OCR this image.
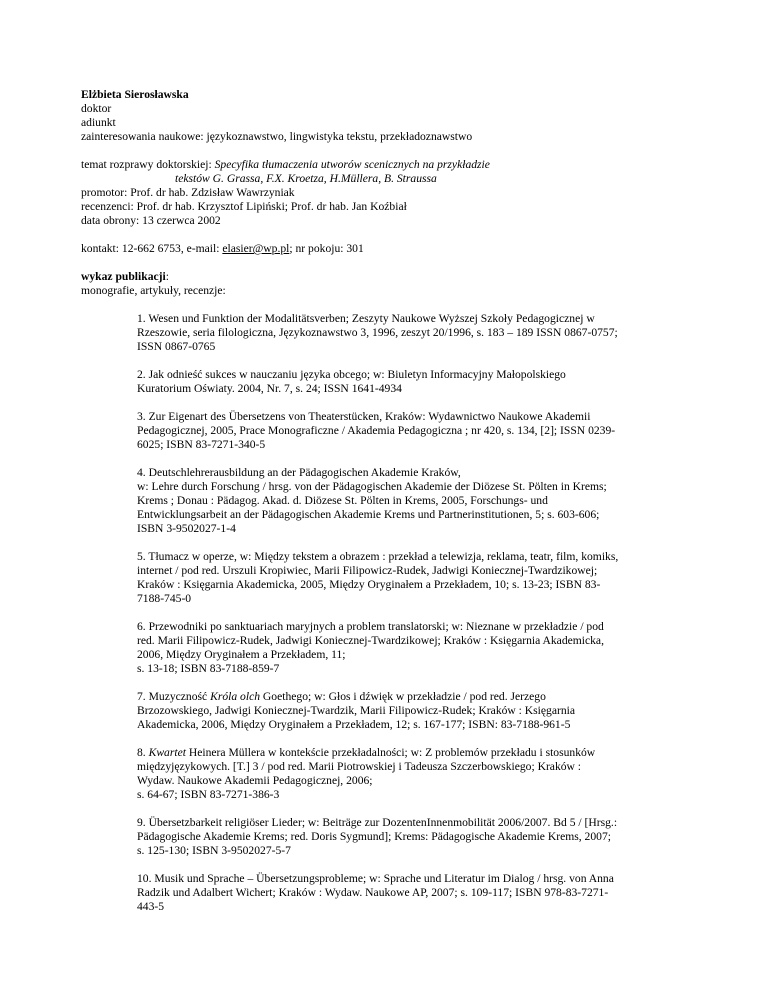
Elżbieta Sierosławska
doktor
adiunkt
zainteresowania naukowe: językoznawstwo, lingwistyka tekstu, przekładoznawstwo
temat rozprawy doktorskiej: Specyfika tłumaczenia utworów scenicznych na przykładzie
tekstów G. Grassa, F.X. Kroetza, H.Müllera, B. Straussa
promotor: Prof. dr hab. Zdzisław Wawrzyniak
recenzenci: Prof. dr hab. Krzysztof Lipiński; Prof. dr hab. Jan Koźbiał
data obrony: 13 czerwca 2002
kontakt: 12-662 6753, e-mail: elasier@wp.pl; nr pokoju: 301
wykaz publikacji:
monografie, artykuły, recenzje:
1. Wesen und Funktion der Modalitätsverben; Zeszyty Naukowe Wyższej Szkoły Pedagogicznej w
Rzeszowie, seria filologiczna, Językoznawstwo 3, 1996, zeszyt 20/1996, s. 183 – 189 ISSN 0867-0757;
ISSN 0867-0765
2. Jak odnieść sukces w nauczaniu języka obcego; w: Biuletyn Informacyjny Małopolskiego
Kuratorium Oświaty. 2004, Nr. 7, s. 24; ISSN 1641-4934
3. Zur Eigenart des Übersetzens von Theaterstücken, Kraków: Wydawnictwo Naukowe Akademii
Pedagogicznej, 2005, Prace Monograficzne / Akademia Pedagogiczna ; nr 420, s. 134, [2]; ISSN 0239-
6025; ISBN 83-7271-340-5
4. Deutschlehrerausbildung an der Pädagogischen Akademie Kraków,
w: Lehre durch Forschung / hrsg. von der Pädagogischen Akademie der Diözese St. Pölten in Krems;
Krems ; Donau : Pädagog. Akad. d. Diözese St. Pölten in Krems, 2005, Forschungs- und
Entwicklungsarbeit an der Pädagogischen Akademie Krems und Partnerinstitutionen, 5; s. 603-606;
ISBN 3-9502027-1-4
5. Tłumacz w operze, w: Między tekstem a obrazem : przekład a telewizja, reklama, teatr, film, komiks,
internet / pod red. Urszuli Kropiwiec, Marii Filipowicz-Rudek, Jadwigi Koniecznej-Twardzikowej;
Kraków : Księgarnia Akademicka, 2005, Między Oryginałem a Przekładem, 10; s. 13-23; ISBN 83-
7188-745-0
6. Przewodniki po sanktuariach maryjnych a problem translatorski; w: Nieznane w przekładzie / pod
red. Marii Filipowicz-Rudek, Jadwigi Koniecznej-Twardzikowej; Kraków : Księgarnia Akademicka,
2006, Między Oryginałem a Przekładem, 11;
s. 13-18; ISBN 83-7188-859-7
7. Muzyczność Króla olch Goethego; w: Głos i dźwięk w przekładzie / pod red. Jerzego
Brzozowskiego, Jadwigi Koniecznej-Twardzik, Marii Filipowicz-Rudek; Kraków : Księgarnia
Akademicka, 2006, Między Oryginałem a Przekładem, 12; s. 167-177; ISBN: 83-7188-961-5
8. Kwartet Heinera Müllera w kontekście przekładalności; w: Z problemów przekładu i stosunków
międzyjęzykowych. [T.] 3 / pod red. Marii Piotrowskiej i Tadeusza Szczerbowskiego; Kraków :
Wydaw. Naukowe Akademii Pedagogicznej, 2006;
s. 64-67; ISBN 83-7271-386-3
9. Übersetzbarkeit religiöser Lieder; w: Beiträge zur DozentenInnenmobilität 2006/2007. Bd 5 / [Hrsg.:
Pädagogische Akademie Krems; red. Doris Sygmund]; Krems: Pädagogische Akademie Krems, 2007;
s. 125-130; ISBN 3-9502027-5-7
10. Musik und Sprache – Übersetzungsprobleme; w: Sprache und Literatur im Dialog / hrsg. von Anna
Radzik und Adalbert Wichert; Kraków : Wydaw. Naukowe AP, 2007; s. 109-117; ISBN 978-83-7271-
443-5
